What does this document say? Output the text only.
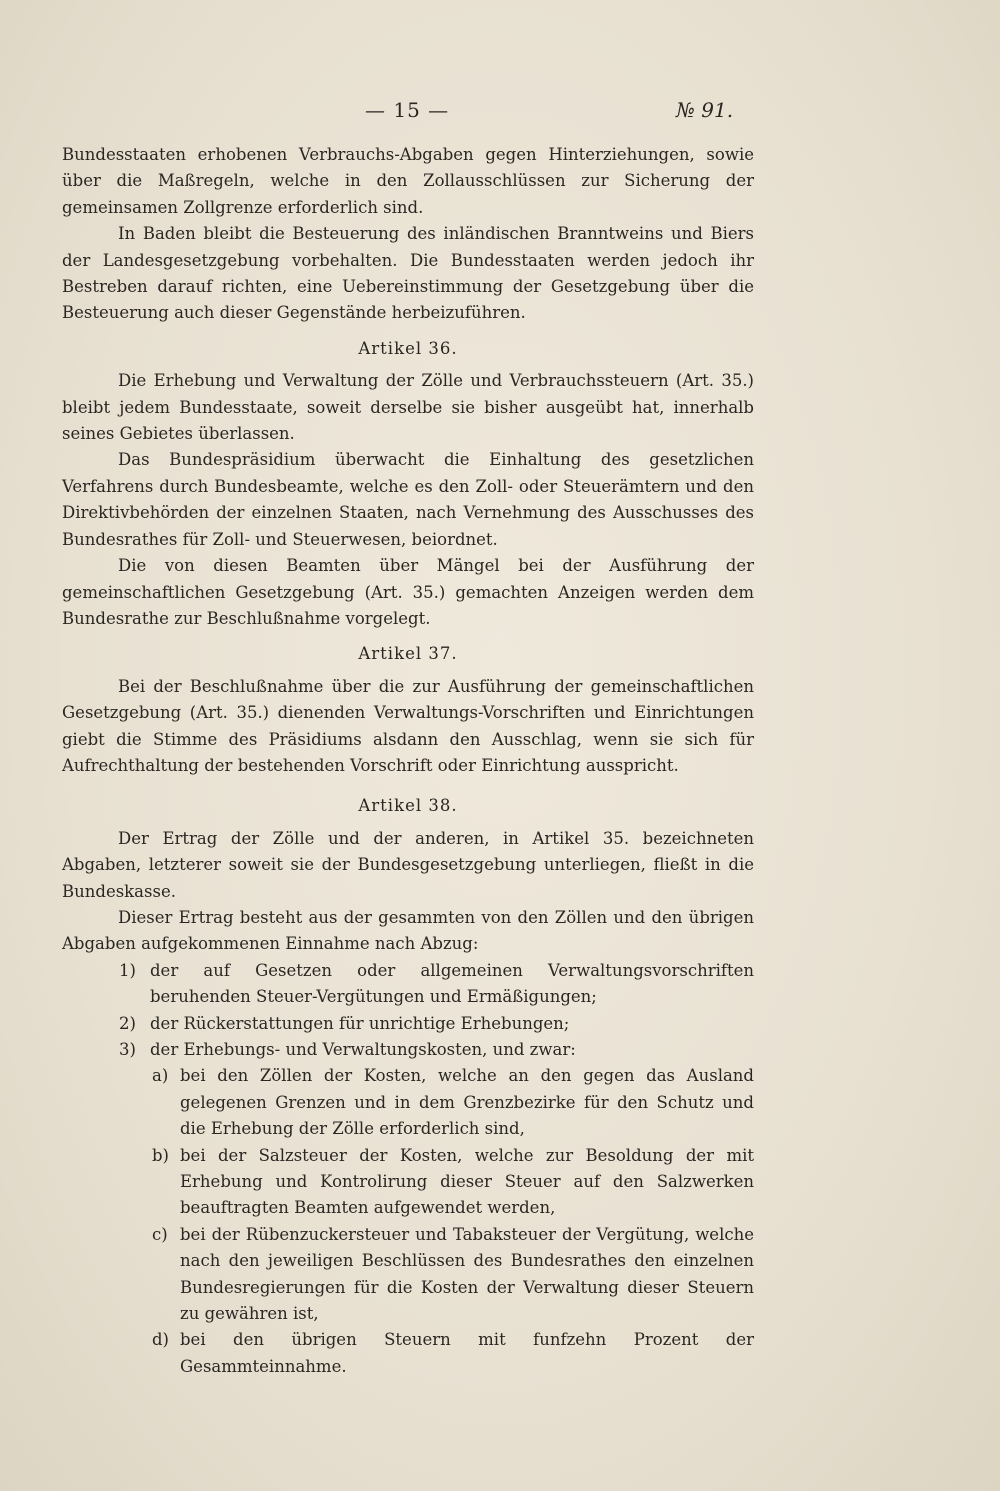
— 15 —	№ 91.

Bundesstaaten erhobenen Verbrauchs-Abgaben gegen Hinterziehungen, sowie über die Maßregeln, welche in den Zollausschlüssen zur Sicherung der gemeinsamen Zollgrenze erforderlich sind.

In Baden bleibt die Besteuerung des inländischen Branntweins und Biers der Landesgesetzgebung vorbehalten. Die Bundesstaaten werden jedoch ihr Bestreben darauf richten, eine Uebereinstimmung der Gesetzgebung über die Besteuerung auch dieser Gegenstände herbeizuführen.

Artikel 36.

Die Erhebung und Verwaltung der Zölle und Verbrauchssteuern (Art. 35.) bleibt jedem Bundesstaate, soweit derselbe sie bisher ausgeübt hat, innerhalb seines Gebietes überlassen.

Das Bundespräsidium überwacht die Einhaltung des gesetzlichen Verfahrens durch Bundesbeamte, welche es den Zoll- oder Steuerämtern und den Direktivbehörden der einzelnen Staaten, nach Vernehmung des Ausschusses des Bundesrathes für Zoll- und Steuerwesen, beiordnet.

Die von diesen Beamten über Mängel bei der Ausführung der gemeinschaftlichen Gesetzgebung (Art. 35.) gemachten Anzeigen werden dem Bundesrathe zur Beschlußnahme vorgelegt.

Artikel 37.

Bei der Beschlußnahme über die zur Ausführung der gemeinschaftlichen Gesetzgebung (Art. 35.) dienenden Verwaltungs-Vorschriften und Einrichtungen giebt die Stimme des Präsidiums alsdann den Ausschlag, wenn sie sich für Aufrechthaltung der bestehenden Vorschrift oder Einrichtung ausspricht.

Artikel 38.

Der Ertrag der Zölle und der anderen, in Artikel 35. bezeichneten Abgaben, letzterer soweit sie der Bundesgesetzgebung unterliegen, fließt in die Bundeskasse.

Dieser Ertrag besteht aus der gesammten von den Zöllen und den übrigen Abgaben aufgekommenen Einnahme nach Abzug:

1) der auf Gesetzen oder allgemeinen Verwaltungsvorschriften beruhenden Steuer-Vergütungen und Ermäßigungen;
2) der Rückerstattungen für unrichtige Erhebungen;
3) der Erhebungs- und Verwaltungskosten, und zwar:
a) bei den Zöllen der Kosten, welche an den gegen das Ausland gelegenen Grenzen und in dem Grenzbezirke für den Schutz und die Erhebung der Zölle erforderlich sind,
b) bei der Salzsteuer der Kosten, welche zur Besoldung der mit Erhebung und Kontrolirung dieser Steuer auf den Salzwerken beauftragten Beamten aufgewendet werden,
c) bei der Rübenzuckersteuer und Tabaksteuer der Vergütung, welche nach den jeweiligen Beschlüssen des Bundesrathes den einzelnen Bundesregierungen für die Kosten der Verwaltung dieser Steuern zu gewähren ist,
d) bei den übrigen Steuern mit funfzehn Prozent der Gesammteinnahme.
